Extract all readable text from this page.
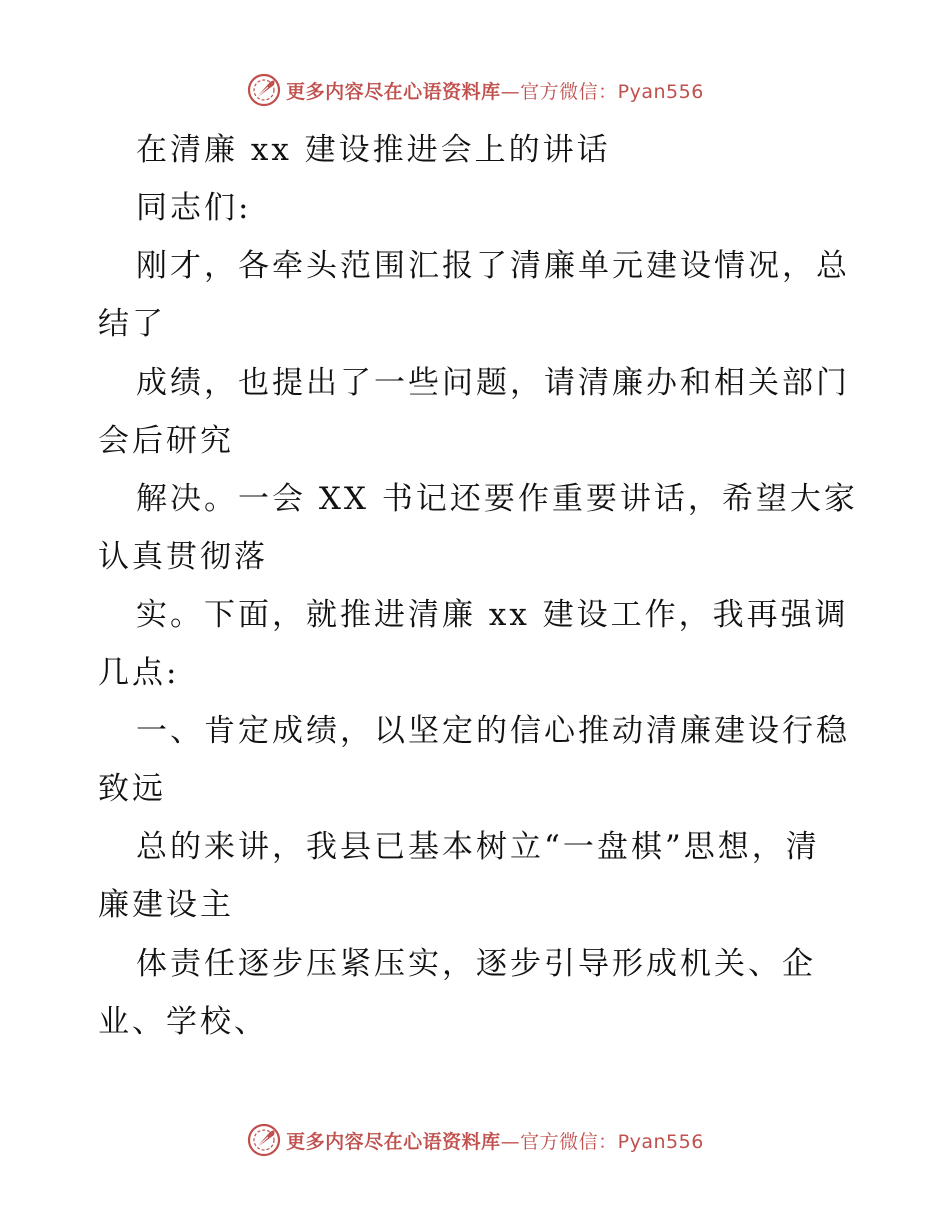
更多内容尽在心语资料库—官方微信：Pyan556
在清廉 xx 建设推进会上的讲话
同志们:
刚才，各牵头范围汇报了清廉单元建设情况，总
结了
成绩，也提出了一些问题，请清廉办和相关部门
会后研究
解决。一会 XX 书记还要作重要讲话，希望大家
认真贯彻落
实。下面，就推进清廉 xx 建设工作，我再强调
几点:
一、肯定成绩，以坚定的信心推动清廉建设行稳
致远
总的来讲，我县已基本树立“一盘棋”思想，清
廉建设主
体责任逐步压紧压实，逐步引导形成机关、企
业、学校、
更多内容尽在心语资料库—官方微信：Pyan556
